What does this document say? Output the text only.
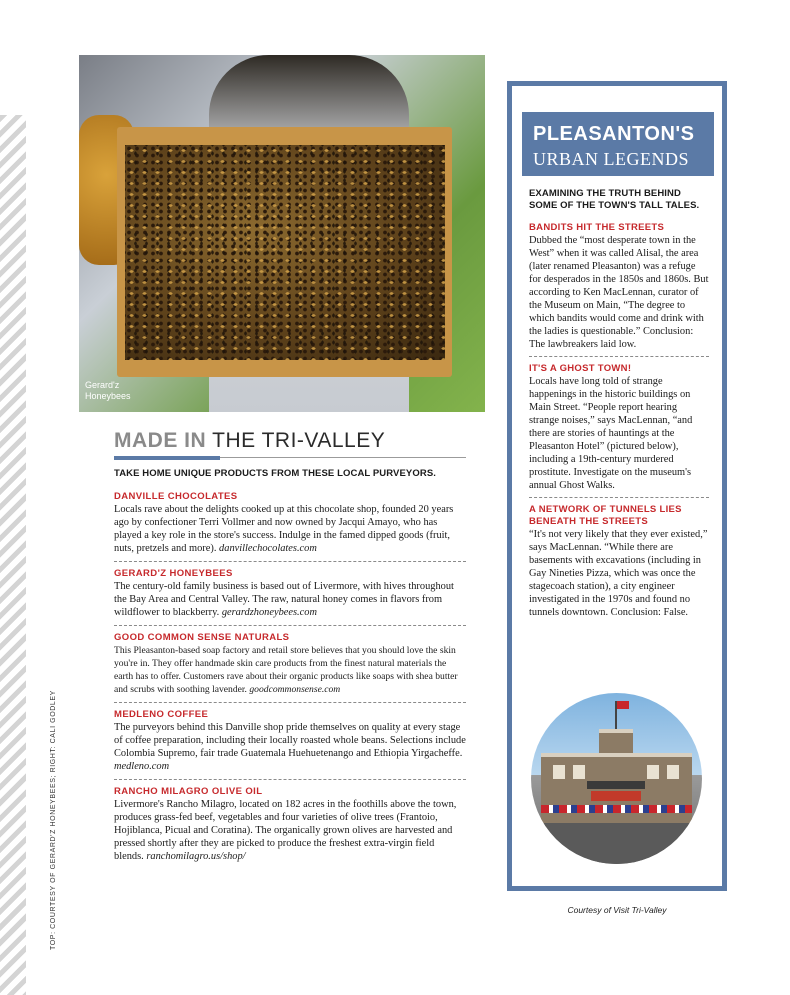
TOP: COURTESY OF GERARD'Z HONEYBEES; RIGHT: CALI GODLEY
Gerard'z
Honeybees
MADE IN THE TRI-VALLEY
TAKE HOME UNIQUE PRODUCTS FROM THESE LOCAL PURVEYORS.
DANVILLE CHOCOLATES
Locals rave about the delights cooked up at this chocolate shop, founded 20 years ago by confectioner Terri Vollmer and now owned by Jacqui Amayo, who has played a key role in the store's success. Indulge in the famed dipped goods (fruit, nuts, pretzels and more). danvillechocolates.com
GERARD'Z HONEYBEES
The century-old family business is based out of Livermore, with hives throughout the Bay Area and Central Valley. The raw, natural honey comes in flavors from wildflower to blackberry. gerardzhoneybees.com
GOOD COMMON SENSE NATURALS
This Pleasanton-based soap factory and retail store believes that you should love the skin you're in. They offer handmade skin care products from the finest natural materials the earth has to offer. Customers rave about their organic products like soaps with shea butter and scrubs with soothing lavender. goodcommonsense.com
MEDLENO COFFEE
The purveyors behind this Danville shop pride themselves on quality at every stage of coffee preparation, including their locally roasted whole beans. Selections include Colombia Supremo, fair trade Guatemala Huehuetenango and Ethiopia Yirgacheffe. medleno.com
RANCHO MILAGRO OLIVE OIL
Livermore's Rancho Milagro, located on 182 acres in the foothills above the town, produces grass-fed beef, vegetables and four varieties of olive trees (Frantoio, Hojiblanca, Picual and Coratina). The organically grown olives are harvested and pressed shortly after they are picked to produce the freshest extra-virgin field blends. ranchomilagro.us/shop/
PLEASANTON'S
URBAN LEGENDS
EXAMINING THE TRUTH BEHIND SOME OF THE TOWN'S TALL TALES.
BANDITS HIT THE STREETS
Dubbed the “most desperate town in the West” when it was called Alisal, the area (later renamed Pleasanton) was a refuge for desperados in the 1850s and 1860s. But according to Ken MacLennan, curator of the Museum on Main, “The degree to which bandits would come and drink with the ladies is questionable.” Conclusion: The lawbreakers laid low.
IT'S A GHOST TOWN!
Locals have long told of strange happenings in the historic buildings on Main Street. “People report hearing strange noises,” says MacLennan, “and there are stories of hauntings at the Pleasanton Hotel” (pictured below), including a 19th-century murdered prostitute. Investigate on the museum's annual Ghost Walks.
A NETWORK OF TUNNELS LIES BENEATH THE STREETS
“It's not very likely that they ever existed,” says MacLennan. “While there are basements with excavations (including in Gay Nineties Pizza, which was once the stagecoach station), a city engineer investigated in the 1970s and found no tunnels downtown. Conclusion: False.
Courtesy of Visit Tri-Valley
